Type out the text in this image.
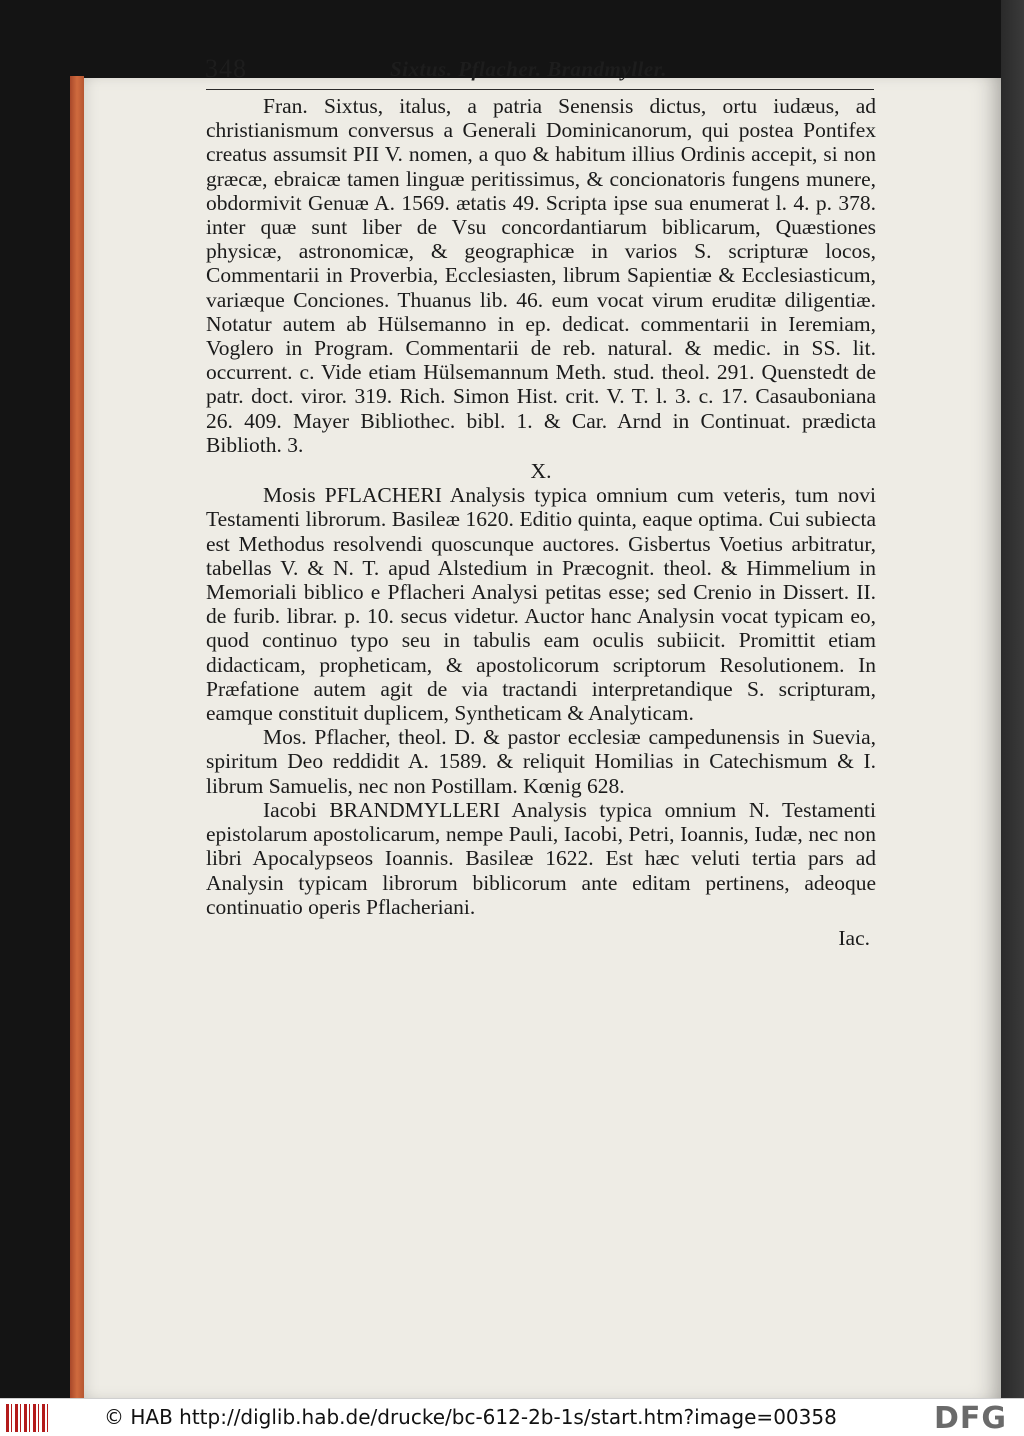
348	Sixtus. Pflacher. Brandmyller.

Fran. Sixtus, italus, a patria Senensis dictus, ortu iudæus, ad christianismum conversus a Generali Dominicanorum, qui postea Pontifex creatus assumsit PII V. nomen, a quo & habitum illius Ordinis accepit, si non græcæ, ebraicæ tamen linguæ peritissimus, & concionatoris fungens munere, obdormivit Genuæ A. 1569. ætatis 49. Scripta ipse sua enumerat l. 4. p. 378. inter quæ sunt liber de Vsu concordantiarum biblicarum, Quæstiones physicæ, astronomicæ, & geographicæ in varios S. scripturæ locos, Commentarii in Proverbia, Ecclesiasten, librum Sapientiæ & Ecclesiasticum, variæque Conciones. Thuanus lib. 46. eum vocat virum eruditæ diligentiæ. Notatur autem ab Hülsemanno in ep. dedicat. commentarii in Ieremiam, Voglero in Program. Commentarii de reb. natural. & medic. in SS. lit. occurrent. c. Vide etiam Hülsemannum Meth. stud. theol. 291. Quenstedt de patr. doct. viror. 319. Rich. Simon Hist. crit. V. T. l. 3. c. 17. Casauboniana 26. 409. Mayer Bibliothec. bibl. 1. & Car. Arnd in Continuat. prædicta Biblioth. 3.

X.

Mosis PFLACHERI Analysis typica omnium cum veteris, tum novi Testamenti librorum. Basileæ 1620. Editio quinta, eaque optima. Cui subiecta est Methodus resolvendi quoscunque auctores. Gisbertus Voetius arbitratur, tabellas V. & N. T. apud Alstedium in Præcognit. theol. & Himmelium in Memoriali biblico e Pflacheri Analysi petitas esse; sed Crenio in Dissert. II. de furib. librar. p. 10. secus videtur. Auctor hanc Analysin vocat typicam eo, quod continuo typo seu in tabulis eam oculis subiicit. Promittit etiam didacticam, propheticam, & apostolicorum scriptorum Resolutionem. In Præfatione autem agit de via tractandi interpretandique S. scripturam, eamque constituit duplicem, Syntheticam & Analyticam.

Mos. Pflacher, theol. D. & pastor ecclesiæ campedunensis in Suevia, spiritum Deo reddidit A. 1589. & reliquit Homilias in Catechismum & I. librum Samuelis, nec non Postillam. Kœnig 628.

Iacobi BRANDMYLLERI Analysis typica omnium N. Testamenti epistolarum apostolicarum, nempe Pauli, Iacobi, Petri, Ioannis, Iudæ, nec non libri Apocalypseos Ioannis. Basileæ 1622. Est hæc veluti tertia pars ad Analysin typicam librorum biblicorum ante editam pertinens, adeoque continuatio operis Pflacheriani.

Iac.

© HAB http://diglib.hab.de/drucke/bc-612-2b-1s/start.htm?image=00358	DFG
